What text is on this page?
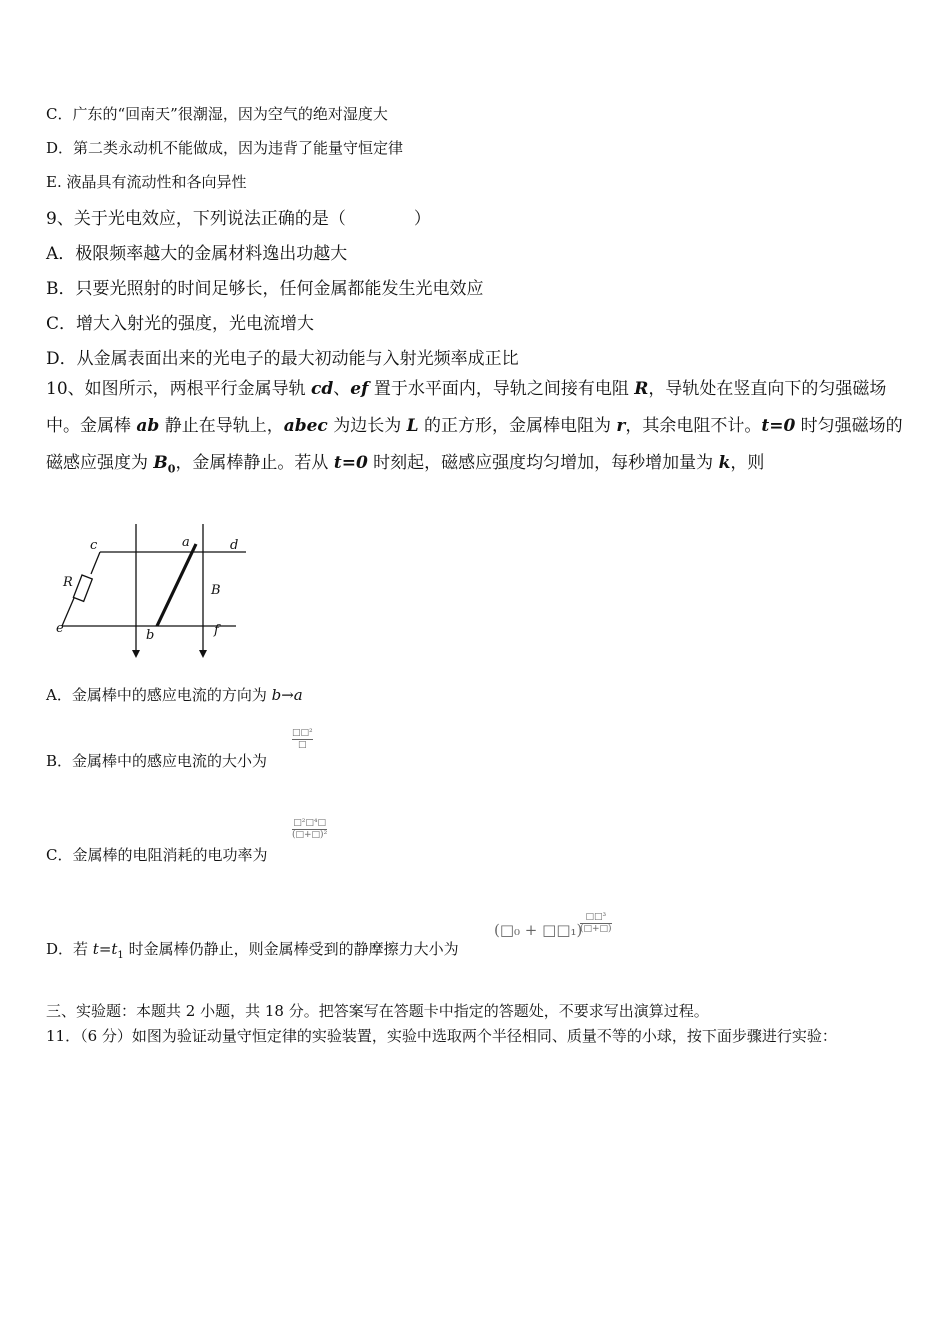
C．广东的“回南天”很潮湿，因为空气的绝对湿度大
D．第二类永动机不能做成，因为违背了能量守恒定律
E. 液晶具有流动性和各向异性
9、关于光电效应，下列说法正确的是（　　　　）
A．极限频率越大的金属材料逸出功越大
B．只要光照射的时间足够长，任何金属都能发生光电效应
C．增大入射光的强度，光电流增大
D．从金属表面出来的光电子的最大初动能与入射光频率成正比
10、如图所示，两根平行金属导轨 cd、ef 置于水平面内，导轨之间接有电阻 R，导轨处在竖直向下的匀强磁场中。金属棒 ab 静止在导轨上，abec 为边长为 L 的正方形，金属棒电阻为 r，其余电阻不计。t=0 时匀强磁场的磁感应强度为 $B_0$，金属棒静止。若从 t=0 时刻起，磁感应强度均匀增加，每秒增加量为 k，则
c	a	d
R
B
e	b	f
A．金属棒中的感应电流的方向为 b→a
B．金属棒中的感应电流的大小为
□□²
□
C．金属棒的电阻消耗的电功率为
□²□⁴□
(□+□)²
D．若 $t=t_1$ 时金属棒仍静止，则金属棒受到的静摩擦力大小为
(□₀ + □□₁)
□□³
(□+□)
三、实验题：本题共 2 小题，共 18 分。把答案写在答题卡中指定的答题处，不要求写出演算过程。
11．（6 分）如图为验证动量守恒定律的实验装置，实验中选取两个半径相同、质量不等的小球，按下面步骤进行实验：
